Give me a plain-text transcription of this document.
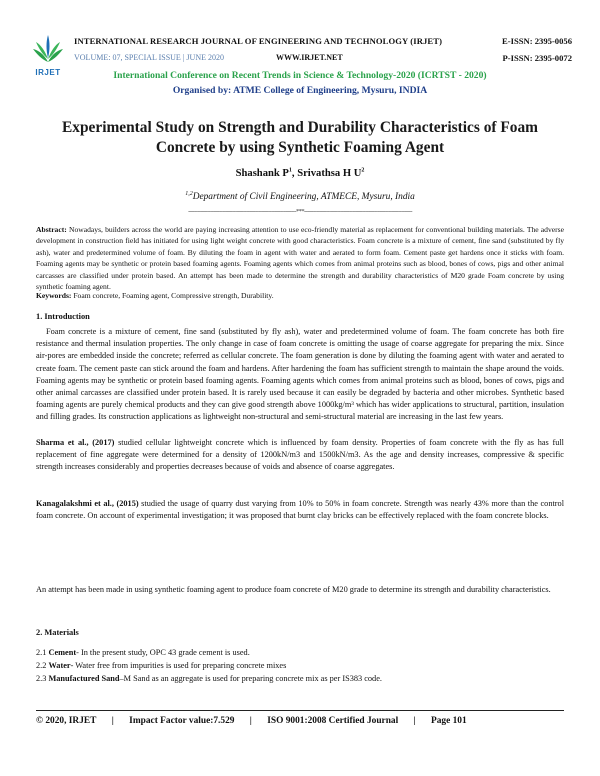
IRJET
INTERNATIONAL RESEARCH JOURNAL OF ENGINEERING AND TECHNOLOGY (IRJET)	E-ISSN: 2395-0056
VOLUME: 07, SPECIAL ISSUE | JUNE 2020	WWW.IRJET.NET	P-ISSN: 2395-0072
International Conference on Recent Trends in Science & Technology-2020 (ICRTST - 2020)
Organised by: ATME College of Engineering, Mysuru, INDIA
Experimental Study on Strength and Durability Characteristics of Foam Concrete by using Synthetic Foaming Agent
Shashank $P^1$, Srivathsa H $U^2$
$^{1,2}$Department of Civil Engineering, ATMECE, Mysuru, India
---------------------------------------------------------------------***---------------------------------------------------------------------
Abstract: Nowadays, builders across the world are paying increasing attention to use eco-friendly material as replacement for conventional building materials. The adverse development in construction field has initiated for using light weight concrete with good characteristics. Foam concrete is a mixture of cement, fine sand (substituted by fly ash), water and predetermined volume of foam. By diluting the foam in agent with water and aerated to form foam. Cement paste get hardens once it sticks with foam. Foaming agents may be synthetic or protein based foaming agents. Foaming agents which comes from animal proteins such as blood, bones of cows, pigs and other animal carcasses are classified under protein based. An attempt has been made to determine the strength and durability characteristics of M20 grade Foam concrete by using synthetic foaming agent.
Keywords: Foam concrete, Foaming agent, Compressive strength, Durability.
1. Introduction

Foam concrete is a mixture of cement, fine sand (substituted by fly ash), water and predetermined volume of foam. The foam concrete has both fire resistance and thermal insulation properties. The only change in case of foam concrete is omitting the usage of coarse aggregate for preparing the mix. Since air-pores are embedded inside the concrete; referred as cellular concrete. The foam generation is done by diluting the foaming agent with water and aerated to create foam. The cement paste can stick around the foam and hardens. After hardening the foam has sufficient strength to maintain the shape around the voids. Foaming agents may be synthetic or protein based foaming agents. Foaming agents which comes from animal proteins such as blood, bones of cows, pigs and other animal carcasses are classified under protein based. It is rarely used because it can easily be degraded by bacteria and other microbes. Synthetic based foaming agents are purely chemical products and they can give good strength above 1000kg/m³ which has wider applications to structural, partition, insulation and filling grades. Its construction applications as lightweight non-structural and semi-structural material are increasing in the last few years.

Sharma et al., (2017) studied cellular lightweight concrete which is influenced by foam density. Properties of foam concrete with the fly as has full replacement of fine aggregate were determined for a density of 1200kN/m3 and 1500kN/m3. As the age and density increases, compressive & specific strength increases considerably and properties decreases because of voids and absence of coarse aggregates.

Kanagalakshmi et al., (2015) studied the usage of quarry dust varying from 10% to 50% in foam concrete. Strength was nearly 43% more than the control foam concrete. On account of experimental investigation; it was proposed that burnt clay bricks can be effectively replaced with the foam concrete blocks.

An attempt has been made in using synthetic foaming agent to produce foam concrete of M20 grade to determine its strength and durability characteristics.

2. Materials
2.1 Cement- In the present study, OPC 43 grade cement is used.
2.2 Water- Water free from impurities is used for preparing concrete mixes
2.3 Manufactured Sand–M Sand as an aggregate is used for preparing concrete mix as per IS383 code.
© 2020, IRJET | Impact Factor value:7.529 | ISO 9001:2008 Certified Journal | Page 101
